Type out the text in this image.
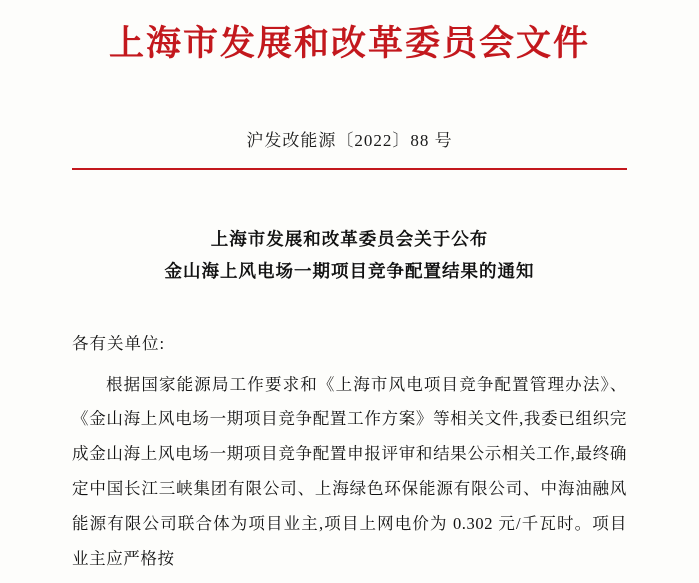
上海市发展和改革委员会文件
沪发改能源〔2022〕88 号
上海市发展和改革委员会关于公布
金山海上风电场一期项目竞争配置结果的通知
各有关单位:
根据国家能源局工作要求和《上海市风电项目竞争配置管理办法》、《金山海上风电场一期项目竞争配置工作方案》等相关文件,我委已组织完成金山海上风电场一期项目竞争配置申报评审和结果公示相关工作,最终确定中国长江三峡集团有限公司、上海绿色环保能源有限公司、中海油融风能源有限公司联合体为项目业主,项目上网电价为 0.302 元/千瓦时。项目业主应严格按
